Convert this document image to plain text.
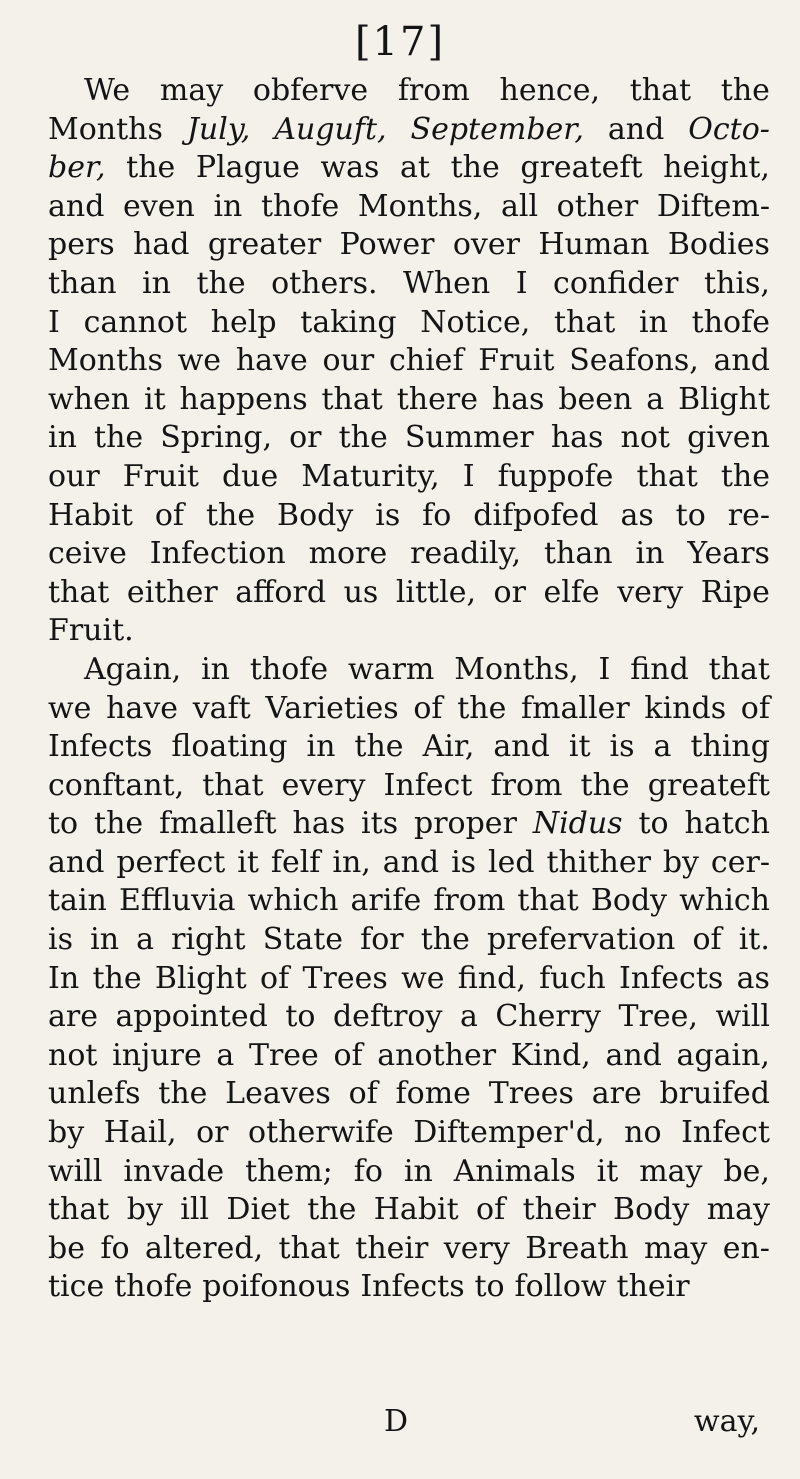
[17]
We may obferve from hence, that the
Months July, Auguft, September, and Octo-
ber, the Plague was at the greateft height,
and even in thofe Months, all other Diftem-
pers had greater Power over Human Bodies
than in the others. When I confider this,
I cannot help taking Notice, that in thofe
Months we have our chief Fruit Seafons, and
when it happens that there has been a Blight
in the Spring, or the Summer has not given
our Fruit due Maturity, I fuppofe that the
Habit of the Body is fo difpofed as to re-
ceive Infection more readily, than in Years
that either afford us little, or elfe very Ripe
Fruit.
Again, in thofe warm Months, I find that
we have vaft Varieties of the fmaller kinds of
Infects floating in the Air, and it is a thing
conftant, that every Infect from the greateft
to the fmalleft has its proper Nidus to hatch
and perfect it felf in, and is led thither by cer-
tain Effluvia which arife from that Body which
is in a right State for the prefervation of it.
In the Blight of Trees we find, fuch Infects as
are appointed to deftroy a Cherry Tree, will
not injure a Tree of another Kind, and again,
unlefs the Leaves of fome Trees are bruifed
by Hail, or otherwife Diftemper'd, no Infect
will invade them; fo in Animals it may be,
that by ill Diet the Habit of their Body may
be fo altered, that their very Breath may en-
tice thofe poifonous Infects to follow their
D	way,
